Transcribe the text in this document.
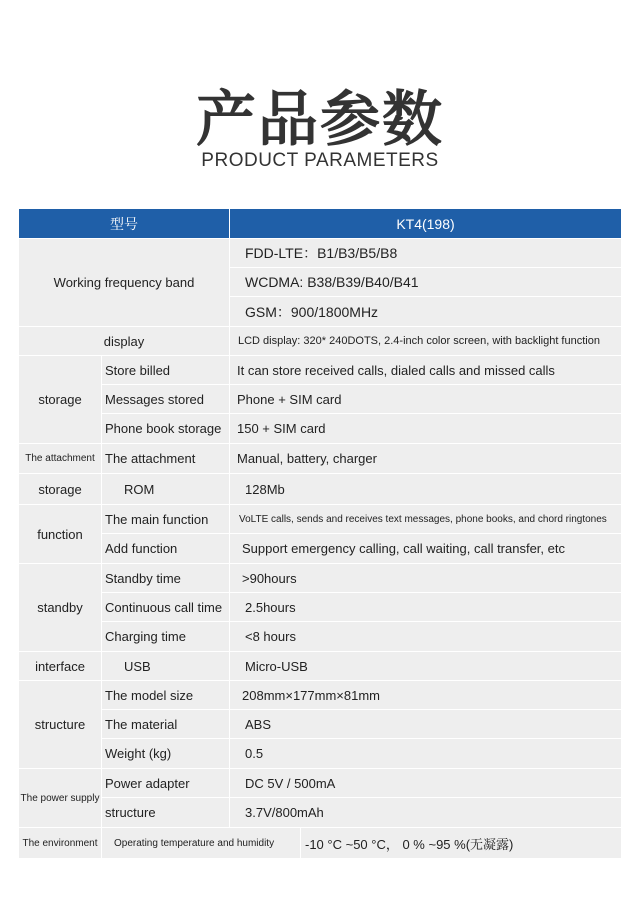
产品参数
PRODUCT PARAMETERS
型号	KT4(198)
Working frequency band
FDD-LTE：B1/B3/B5/B8
WCDMA: B38/B39/B40/B41
GSM：900/1800MHz
display	LCD display: 320* 240DOTS, 2.4-inch color screen, with backlight function
storage
Store billed	It can store received calls, dialed calls and missed calls
Messages stored	Phone + SIM card
Phone book storage	150 + SIM card
The attachment The attachment	Manual, battery, charger
storage	ROM	128Mb
function
The main function	VoLTE calls, sends and receives text messages, phone books, and chord ringtones
Add function	Support emergency calling, call waiting, call transfer, etc
standby
Standby time	>90hours
Continuous call time	2.5hours
Charging time	<8 hours
interface	USB	Micro-USB
structure
The model size	208mm×177mm×81mm
The material	ABS
Weight (kg)	0.5
The power supply
Power adapter	DC 5V / 500mA
structure	3.7V/800mAh
The environment	Operating temperature and humidity	-10 °C ~50 °C， 0 % ~95 %(无凝露)
